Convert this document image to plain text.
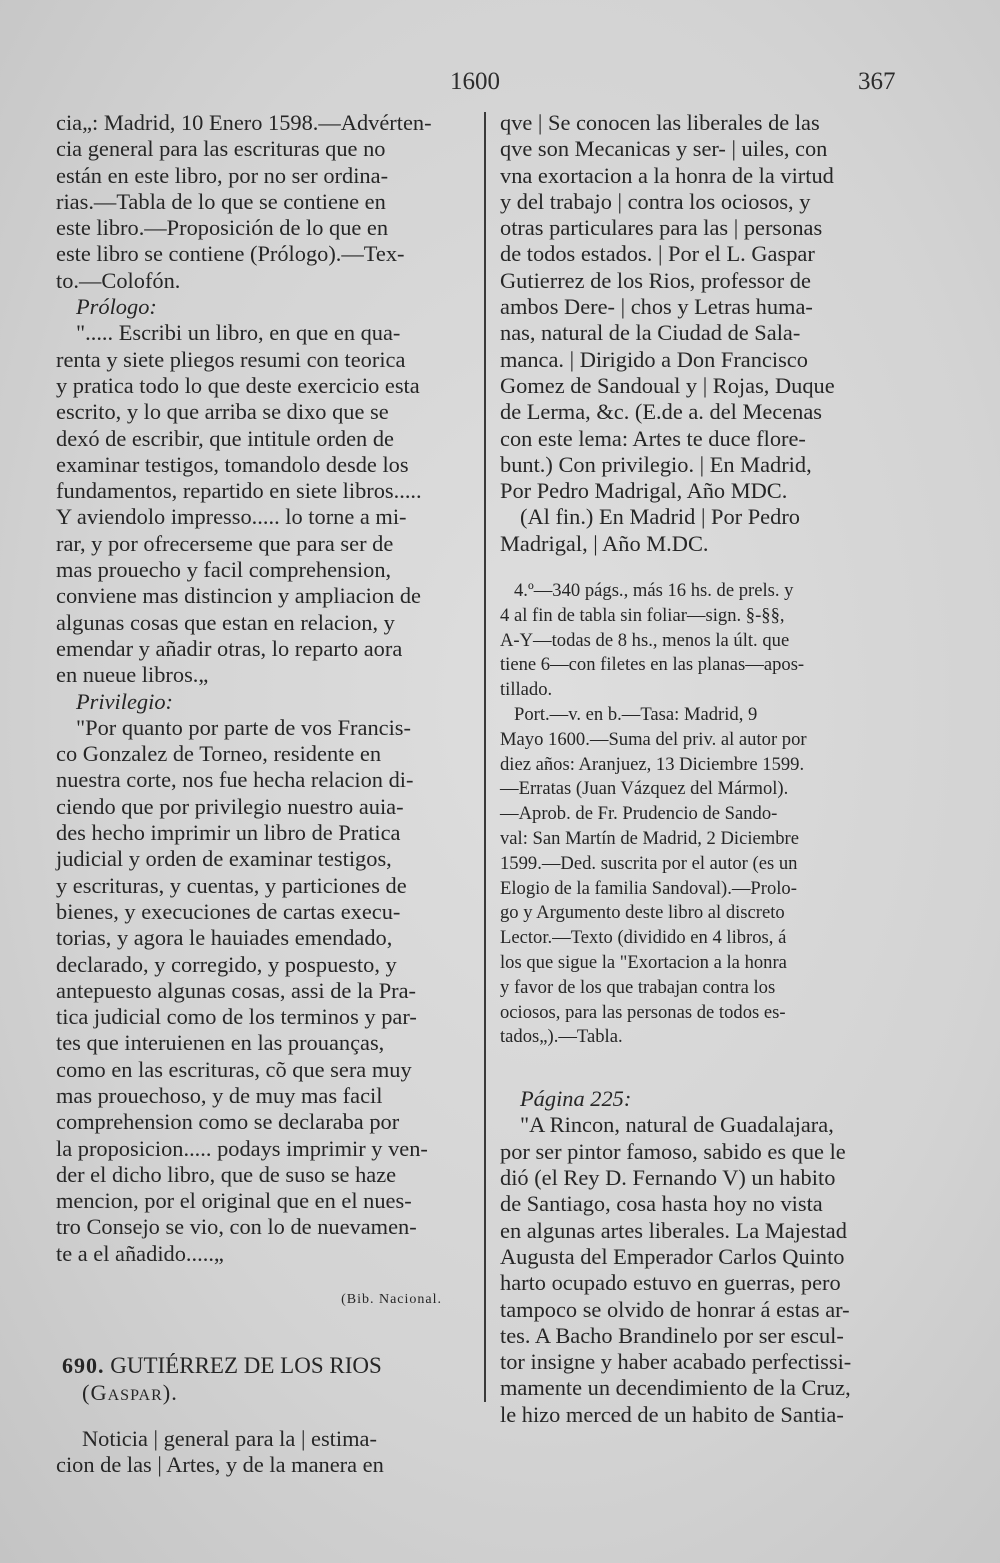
1600	367
cia„: Madrid, 10 Enero 1598.—Advérten-
cia general para las escrituras que no
están en este libro, por no ser ordina-
rias.—Tabla de lo que se contiene en
este libro.—Proposición de lo que en
este libro se contiene (Prólogo).—Tex-
to.—Colofón.

Prólogo:

"..... Escribi un libro, en que en qua-
renta y siete pliegos resumi con teorica
y pratica todo lo que deste exercicio esta
escrito, y lo que arriba se dixo que se
dexó de escribir, que intitule orden de
examinar testigos, tomandolo desde los
fundamentos, repartido en siete libros.....
Y aviendolo impresso..... lo torne a mi-
rar, y por ofrecerseme que para ser de
mas prouecho y facil comprehension,
conviene mas distincion y ampliacion de
algunas cosas que estan en relacion, y
emendar y añadir otras, lo reparto aora
en nueue libros.„

Privilegio:

"Por quanto por parte de vos Francis-
co Gonzalez de Torneo, residente en
nuestra corte, nos fue hecha relacion di-
ciendo que por privilegio nuestro auia-
des hecho imprimir un libro de Pratica
judicial y orden de examinar testigos,
y escrituras, y cuentas, y particiones de
bienes, y execuciones de cartas execu-
torias, y agora le hauiades emendado,
declarado, y corregido, y pospuesto, y
antepuesto algunas cosas, assi de la Pra-
tica judicial como de los terminos y par-
tes que interuienen en las prouanças,
como en las escrituras, cõ que sera muy
mas prouechoso, y de muy mas facil
comprehension como se declaraba por
la proposicion..... podays imprimir y ven-
der el dicho libro, que de suso se haze
mencion, por el original que en el nues-
tro Consejo se vio, con lo de nuevamen-
te a el añadido.....„

(Bib. Nacional.

690. GUTIÉRREZ DE LOS RIOS

(Gaspar).

Noticia | general para la | estima-
cion de las | Artes, y de la manera en
qve | Se conocen las liberales de las
qve son Mecanicas y ser- | uiles, con
vna exortacion a la honra de la virtud
y del trabajo | contra los ociosos, y
otras particulares para las | personas
de todos estados. | Por el L. Gaspar
Gutierrez de los Rios, professor de
ambos Dere- | chos y Letras huma-
nas, natural de la Ciudad de Sala-
manca. | Dirigido a Don Francisco
Gomez de Sandoual y | Rojas, Duque
de Lerma, &c. (E.de a. del Mecenas
con este lema: Artes te duce flore-
bunt.) Con privilegio. | En Madrid,
Por Pedro Madrigal, Año MDC.
(Al fin.) En Madrid | Por Pedro
Madrigal, | Año M.DC.
4.º—340 págs., más 16 hs. de prels. y
4 al fin de tabla sin foliar—sign. §-§§,
A-Y—todas de 8 hs., menos la últ. que
tiene 6—con filetes en las planas—apos-
tillado.
Port.—v. en b.—Tasa: Madrid, 9
Mayo 1600.—Suma del priv. al autor por
diez años: Aranjuez, 13 Diciembre 1599.
—Erratas (Juan Vázquez del Mármol).
—Aprob. de Fr. Prudencio de Sando-
val: San Martín de Madrid, 2 Diciembre
1599.—Ded. suscrita por el autor (es un
Elogio de la familia Sandoval).—Prolo-
go y Argumento deste libro al discreto
Lector.—Texto (dividido en 4 libros, á
los que sigue la "Exortacion a la honra
y favor de los que trabajan contra los
ociosos, para las personas de todos es-
tados„).—Tabla.

Página 225:

"A Rincon, natural de Guadalajara,
por ser pintor famoso, sabido es que le
dió (el Rey D. Fernando V) un habito
de Santiago, cosa hasta hoy no vista
en algunas artes liberales. La Majestad
Augusta del Emperador Carlos Quinto
harto ocupado estuvo en guerras, pero
tampoco se olvido de honrar á estas ar-
tes. A Bacho Brandinelo por ser escul-
tor insigne y haber acabado perfectissi-
mamente un decendimiento de la Cruz,
le hizo merced de un habito de Santia-
